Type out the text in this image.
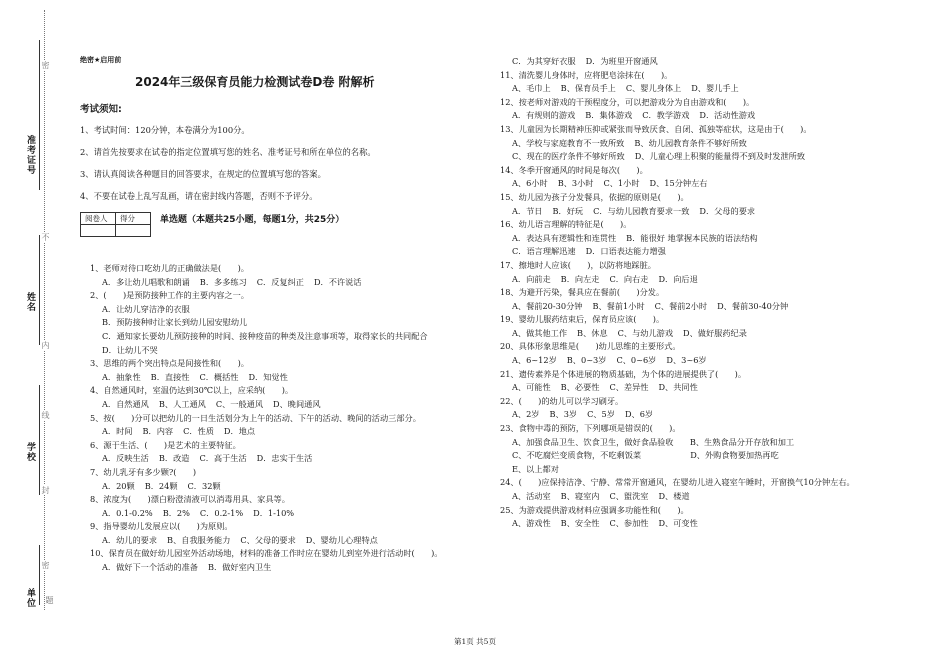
准考证号
姓名
学校
单位
密
不
内
线
封
密
题
绝密★启用前
2024年三级保育员能力检测试卷D卷 附解析
考试须知:
1、考试时间：120分钟，本卷满分为100分。
2、请首先按要求在试卷的指定位置填写您的姓名、准考证号和所在单位的名称。
3、请认真阅读各种题目的回答要求，在规定的位置填写您的答案。
4、不要在试卷上乱写乱画，请在密封线内答题，否则不予评分。
阅卷人	得分
		单选题（本题共25小题，每题1分，共25分）
1、老师对待口吃幼儿的正确做法是(　　)。
A．多让幼儿唱歌和朗诵 B．多多练习 C．反复纠正 D．不许说话
2、(　　)是预防接种工作的主要内容之一。
A．让幼儿穿洁净的衣服
B．预防接种时让家长到幼儿园安慰幼儿
C．通知家长要幼儿预防接种的时间、接种疫苗的种类及注意事项等，取得家长的共同配合
D．让幼儿不哭
3、思维的两个突出特点是间接性和(　　)。
A．抽象性 B．直接性 C．概括性 D．知觉性
4、自然通风时，室温仍达到30℃以上，应采纳(　　)。
A．自然通风 B、人工通风 C、一般通风 D、晚间通风
5、按(　　)分可以把幼儿的一日生活划分为上午的活动、下午的活动、晚间的活动三部分。
A．时间 B．内容 C．性质 D．地点
6、源于生活、(　　)是艺术的主要特征。
A．反映生活 B．改造 C．高于生活 D．忠实于生活
7、幼儿乳牙有多少颗?(　　)
A．20颗 B．24颗 C．32颗
8、浓度为(　　)漂白粉澄清液可以消毒用具、家具等。
A．0.1-0.2% B．2% C．0.2-1% D．1-10%
9、指导婴幼儿发展应以(　　)为原则。
A．幼儿的要求 B、自我服务能力 C、父母的要求 D、婴幼儿心理特点
10、保育员在做好幼儿园室外活动场地，材料的准备工作时应在婴幼儿到室外进行活动时(　　)。
A．做好下一个活动的准备 B．做好室内卫生
C．为其穿好衣服 D．为班里开窗通风
11、清洗婴儿身体时，应将肥皂涂抹在(　　)。
A、毛巾上 B、保育员手上 C、婴儿身体上 D、婴儿手上
12、按老师对游戏的干预程度分，可以把游戏分为自由游戏和(　　)。
A．有规则的游戏 B．集体游戏 C．教学游戏 D．活动性游戏
13、儿童因为长期精神压抑或紧张而导致厌食、自闭、孤独等症状，这是由于(　　)。
A、学校与家庭教育不一致所致 B、幼儿园教育条件不够好所致
C、现在的医疗条件不够好所致 D、儿童心理上积聚的能量得不到及时发泄所致
14、冬季开窗通风的时间是每次(　　)。
A、6小时 B、3小时 C、1小时 D、15分钟左右
15、幼儿园为孩子分发餐具，依据的原则是(　　)。
A．节日 B．好玩 C．与幼儿园教育要求一致 D．父母的要求
16、幼儿语言理解的特征是(　　)。
A．表达具有逻辑性和连贯性 B．能很好 地掌握本民族的语法结构
C．语言理解迅速 D．口语表达能力增强
17、擦地时人应该(　　)，以防将地踩脏。
A．向前走 B．向左走 C．向右走 D．向后退
18、为避开污染，餐具应在餐前(　　)分发。
A、餐前20-30分钟 B、餐前1小时 C、餐前2小时 D、餐前30-40分钟
19、婴幼儿服药结束后，保育员应该(　　)。
A、做其他工作 B、休息 C、与幼儿游戏 D、做好服药纪录
20、具体形象思维是(　　)幼儿思维的主要形式。
A、6~12岁 B、0~3岁 C、0~6岁 D、3~6岁
21、遗传素养是个体进展的物质基础，为个体的进展提供了(　　)。
A、可能性 B、必要性 C、差异性 D、共同性
22、(　　)的幼儿可以学习刷牙。
A、2岁 B、3岁 C、5岁 D、6岁
23、食物中毒的预防，下列哪项是错误的(　　)。
A、加强食品卫生、饮食卫生，做好食品验收　　B、生熟食品分开存放和加工
C、不吃腐烂变质食物，不吃剩饭菜　　　　　　D、外购食物要加热再吃
E、以上都对
24、(　　)应保持洁净、宁静、常常开窗通风，在婴幼儿进入寝室午睡时，开窗换气10分钟左右。
A、活动室 B、寝室内 C、盥洗室 D、楼道
25、为游戏提供游戏材料应强调多功能性和(　　)。
A、游戏性 B、安全性 C、参加性 D、可变性
第1页 共5页
